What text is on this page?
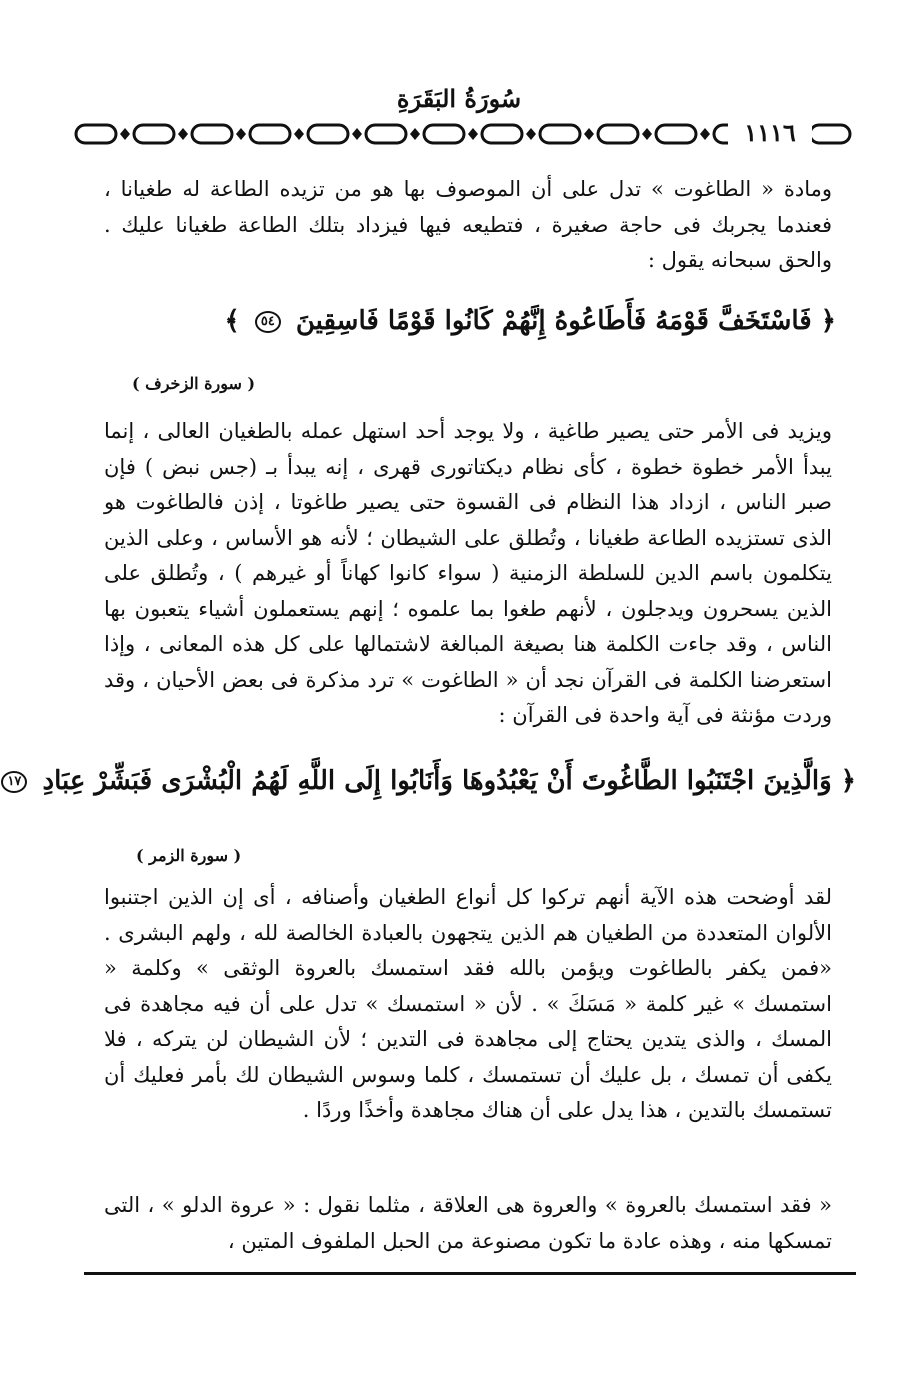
سُورَةُ البَقَرَةِ
١١١٦
ومادة « الطاغوت » تدل على أن الموصوف بها هو من تزيده الطاعة له طغيانا ، فعندما يجربك فى حاجة صغيرة ، فتطيعه فيها فيزداد بتلك الطاعة طغيانا عليك . والحق سبحانه يقول :
﴿ فَاسْتَخَفَّ قَوْمَهُ فَأَطَاعُوهُ إِنَّهُمْ كَانُوا قَوْمًا فَاسِقِينَ ٥٤ ﴾
( سورة الزخرف )
ويزيد فى الأمر حتى يصير طاغية ، ولا يوجد أحد استهل عمله بالطغيان العالى ، إنما يبدأ الأمر خطوة خطوة ، كأى نظام ديكتاتورى قهرى ، إنه يبدأ بـ (جس نبض ) فإن صبر الناس ، ازداد هذا النظام فى القسوة حتى يصير طاغوتا ، إذن فالطاغوت هو الذى تستزيده الطاعة طغيانا ، وتُطلق على الشيطان ؛ لأنه هو الأساس ، وعلى الذين يتكلمون باسم الدين للسلطة الزمنية ( سواء كانوا كهاناً أو غيرهم ) ، وتُطلق على الذين يسحرون ويدجلون ، لأنهم طغوا بما علموه ؛ إنهم يستعملون أشياء يتعبون بها الناس ، وقد جاءت الكلمة هنا بصيغة المبالغة لاشتمالها على كل هذه المعانى ، وإذا استعرضنا الكلمة فى القرآن نجد أن « الطاغوت » ترد مذكرة فى بعض الأحيان ، وقد وردت مؤنثة فى آية واحدة فى القرآن :
﴿ وَالَّذِينَ اجْتَنَبُوا الطَّاغُوتَ أَنْ يَعْبُدُوهَا وَأَنَابُوا إِلَى اللَّهِ لَهُمُ الْبُشْرَى فَبَشِّرْ عِبَادِ ١٧
( سورة الزمر )
لقد أوضحت هذه الآية أنهم تركوا كل أنواع الطغيان وأصنافه ، أى إن الذين اجتنبوا الألوان المتعددة من الطغيان هم الذين يتجهون بالعبادة الخالصة لله ، ولهم البشرى . «فمن يكفر بالطاغوت ويؤمن بالله فقد استمسك بالعروة الوثقى » وكلمة « استمسك » غير كلمة « مَسَكَ » . لأن « استمسك » تدل على أن فيه مجاهدة فى المسك ، والذى يتدين يحتاج إلى مجاهدة فى التدين ؛ لأن الشيطان لن يتركه ، فلا يكفى أن تمسك ، بل عليك أن تستمسك ، كلما وسوس الشيطان لك بأمر فعليك أن تستمسك بالتدين ، هذا يدل على أن هناك مجاهدة وأخذًا وردًا .
« فقد استمسك بالعروة » والعروة هى العلاقة ، مثلما نقول : « عروة الدلو » ، التى تمسكها منه ، وهذه عادة ما تكون مصنوعة من الحبل الملفوف المتين ،
